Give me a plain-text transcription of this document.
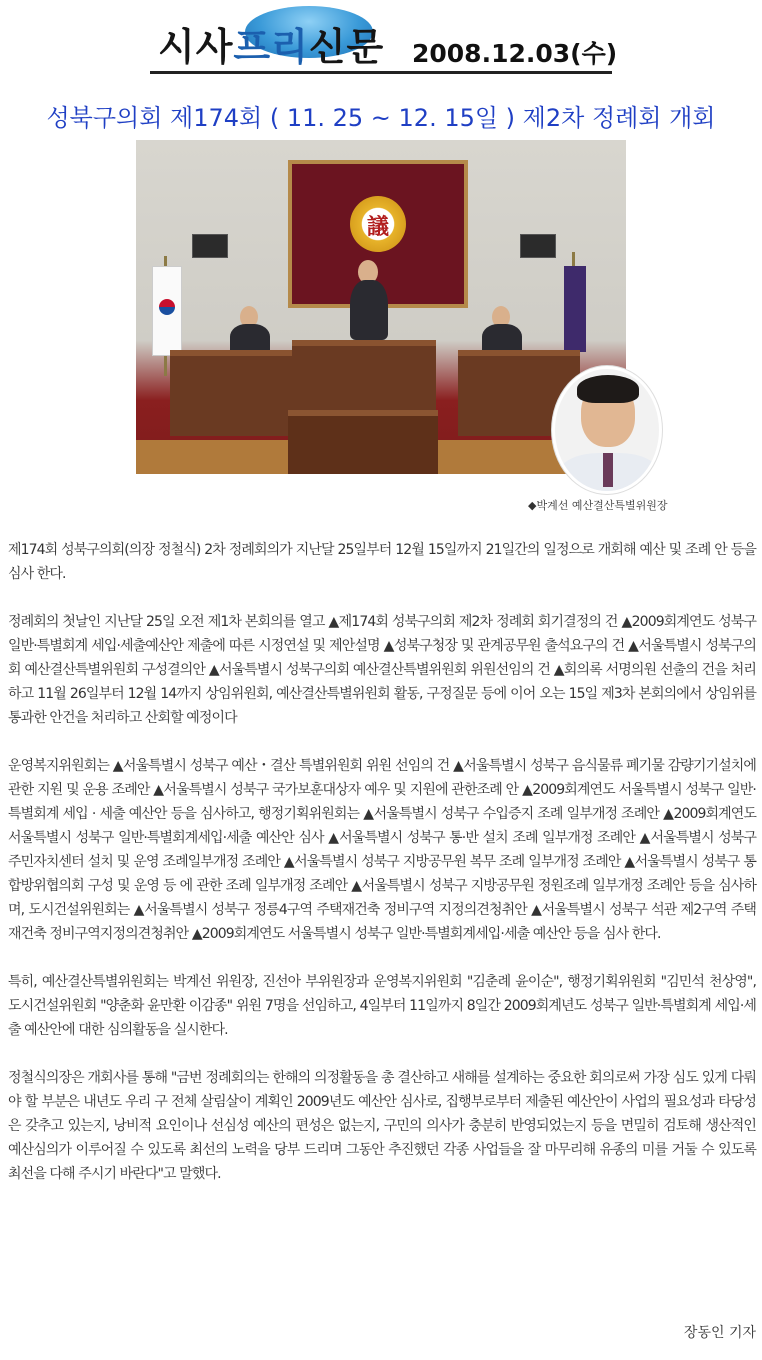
시사프리신문 2008.12.03(수)
성북구의회 제174회 ( 11. 25 ~ 12. 15일 ) 제2차 정례회 개회
議
◆박계선 예산결산특별위원장

제174회 성북구의회(의장 정철식) 2차 정례회의가 지난달 25일부터 12월 15일까지 21일간의 일정으로 개회해 예산 및 조례 안 등을 심사 한다.

정례회의 첫날인 지난달 25일 오전 제1차 본회의를 열고 ▲제174회 성북구의회 제2차 정례회 회기결정의 건 ▲2009회계연도 성북구 일반·특별회계 세입·세출예산안 제출에 따른 시정연설 및 제안설명 ▲성북구청장 및 관계공무원 출석요구의 건 ▲서울특별시 성북구의회 예산결산특별위원회 구성결의안 ▲서울특별시 성북구의회 예산결산특별위원회 위원선임의 건 ▲회의록 서명의원 선출의 건을 처리하고 11월 26일부터 12월 14까지 상임위원회, 예산결산특별위원회 활동, 구정질문 등에 이어 오는 15일 제3차 본회의에서 상임위를 통과한 안건을 처리하고 산회할 예정이다

운영복지위원회는 ▲서울특별시 성북구 예산・결산 특별위원회 위원 선임의 건 ▲서울특별시 성북구 음식물류 폐기물 감량기기설치에 관한 지원 및 운용 조례안 ▲서울특별시 성북구 국가보훈대상자 예우 및 지원에 관한조례 안 ▲2009회계연도 서울특별시 성북구 일반·특별회계 세입 · 세출 예산안 등을 심사하고, 행정기획위원회는 ▲서울특별시 성북구 수입증지 조례 일부개정 조례안 ▲2009회계연도 서울특별시 성북구 일반·특별회계세입·세출 예산안 심사 ▲서울특별시 성북구 통·반 설치 조례 일부개정 조례안 ▲서울특별시 성북구 주민자치센터 설치 및 운영 조례일부개정 조례안 ▲서울특별시 성북구 지방공무원 복무 조례 일부개정 조례안 ▲서울특별시 성북구 통합방위협의회 구성 및 운영 등 에 관한 조례 일부개정 조례안 ▲서울특별시 성북구 지방공무원 정원조례 일부개정 조례안 등을 심사하며, 도시건설위원회는 ▲서울특별시 성북구 정릉4구역 주택재건축 정비구역 지정의견청취안 ▲서울특별시 성북구 석관 제2구역 주택재건축 정비구역지정의견청취안 ▲2009회계연도 서울특별시 성북구 일반·특별회계세입·세출 예산안 등을 심사 한다.

특히, 예산결산특별위원회는 박계선 위원장, 진선아 부위원장과 운영복지위원회 "김춘례 윤이순", 행정기획위원회 "김민석 천상영", 도시건설위원회 "양춘화 윤만환 이감종" 위원 7명을 선임하고, 4일부터 11일까지 8일간 2009회계년도 성북구 일반·특별회계 세입·세출 예산안에 대한 심의활동을 실시한다.

정철식의장은 개회사를 통해 "금번 정례회의는 한해의 의정활동을 총 결산하고 새해를 설계하는 중요한 회의로써 가장 심도 있게 다뤄야 할 부분은 내년도 우리 구 전체 살림살이 계획인 2009년도 예산안 심사로, 집행부로부터 제출된 예산안이 사업의 필요성과 타당성은 갖추고 있는지, 낭비적 요인이나 선심성 예산의 편성은 없는지, 구민의 의사가 충분히 반영되었는지 등을 면밀히 검토해 생산적인 예산심의가 이루어질 수 있도록 최선의 노력을 당부 드리며 그동안 추진했던 각종 사업들을 잘 마무리해 유종의 미를 거둘 수 있도록 최선을 다해 주시기 바란다"고 말했다.

장동인 기자
